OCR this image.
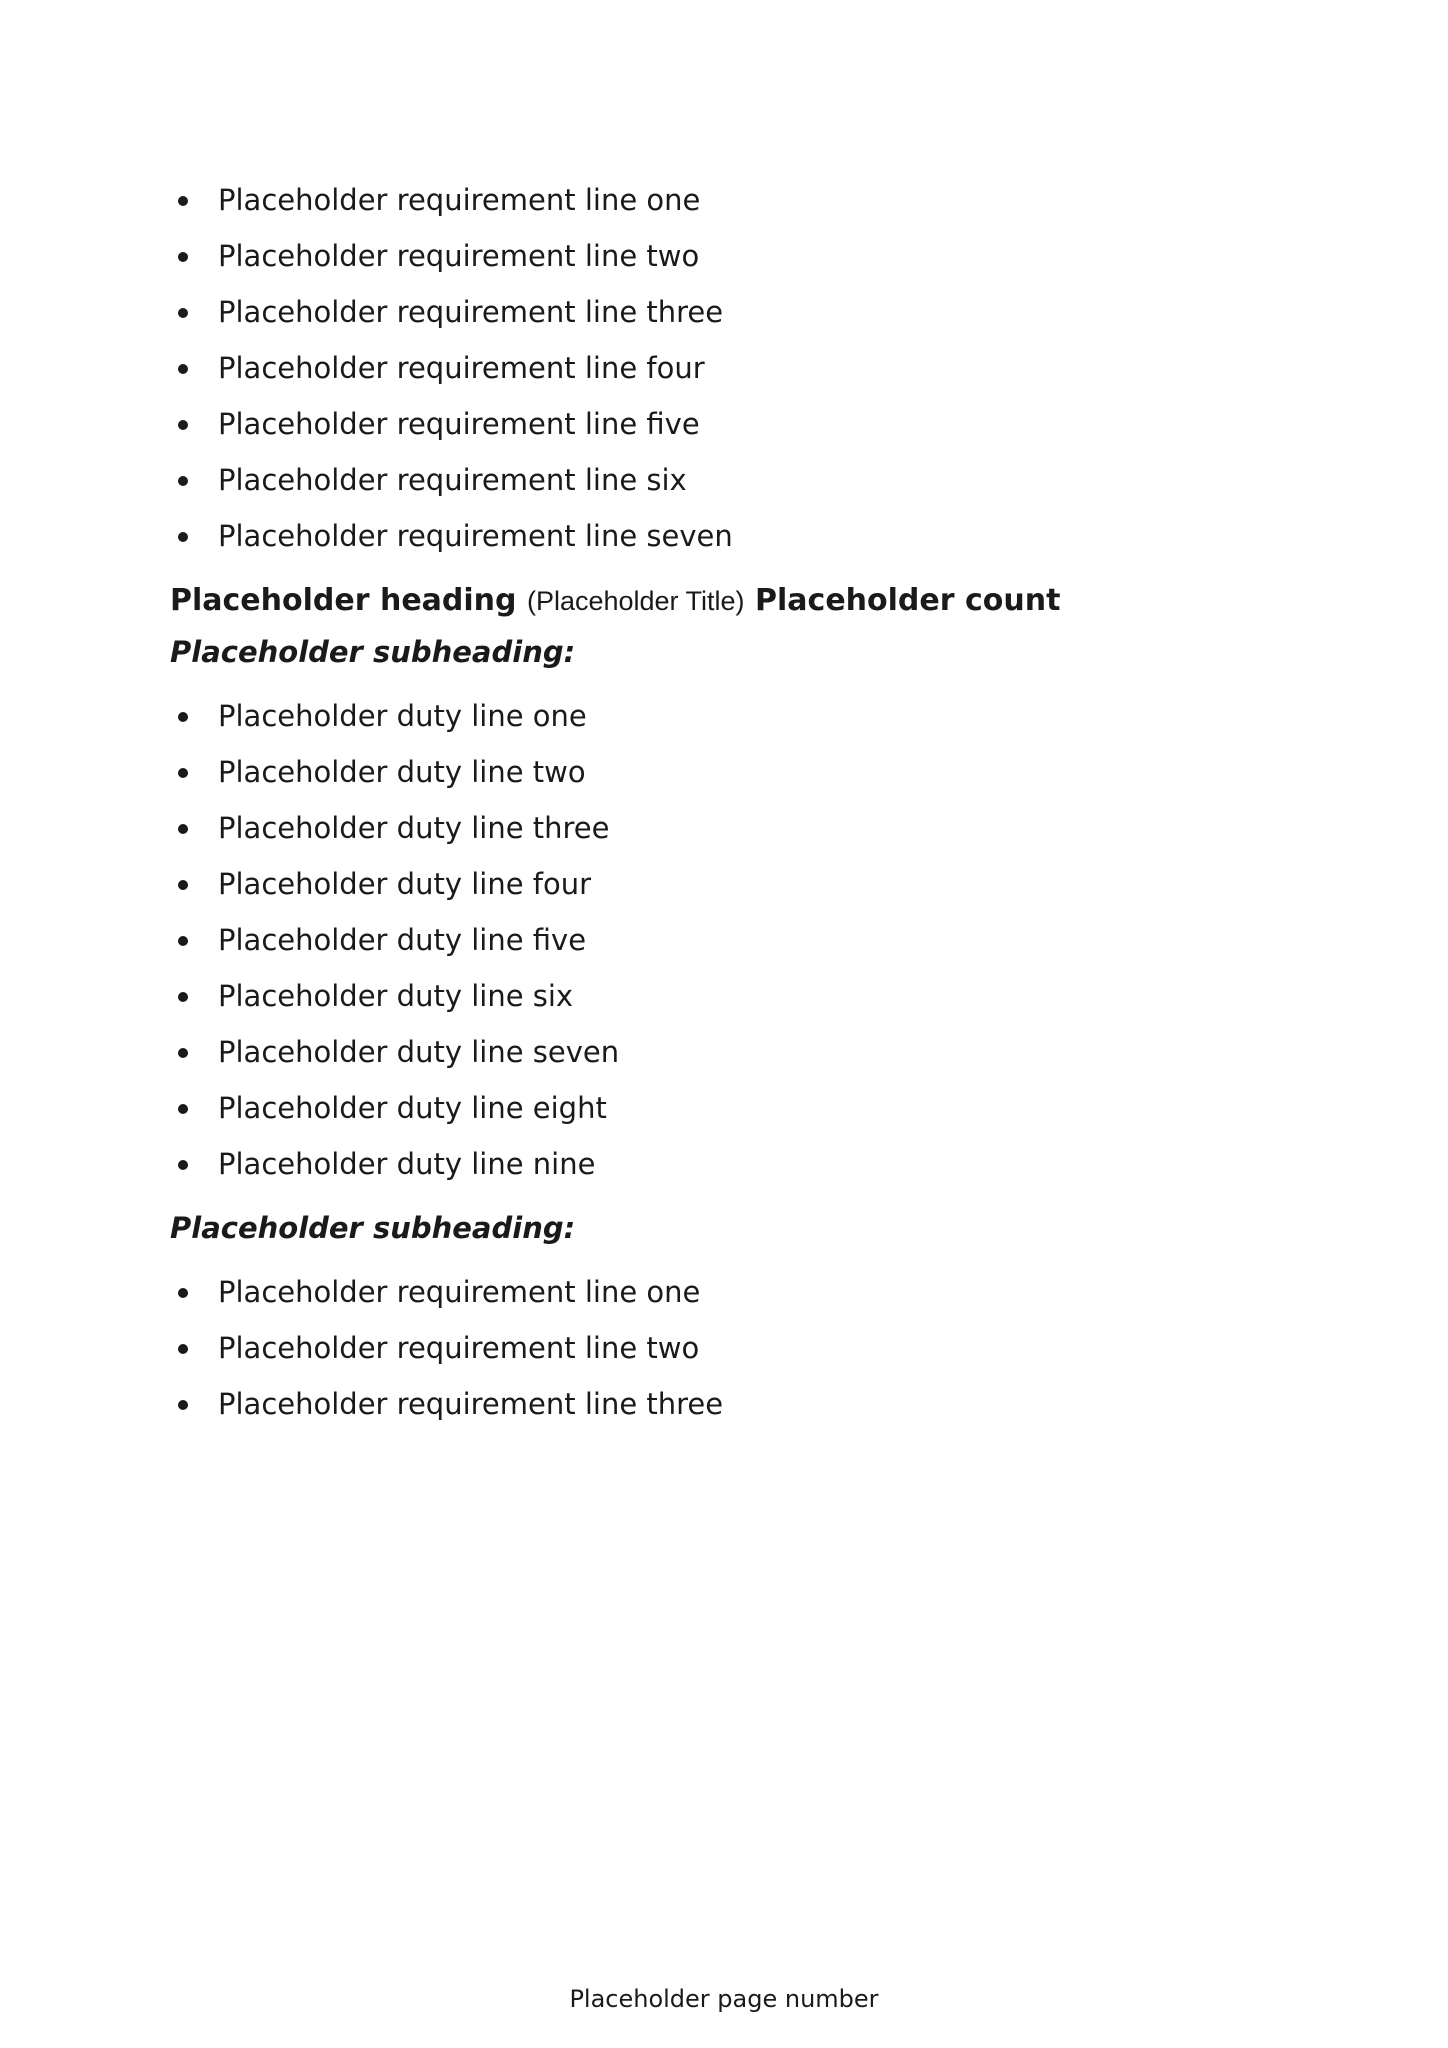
Placeholder requirement line one
Placeholder requirement line two
Placeholder requirement line three
Placeholder requirement line four
Placeholder requirement line five
Placeholder requirement line six
Placeholder requirement line seven
Placeholder heading (Placeholder Title) Placeholder count
Placeholder subheading:
Placeholder duty line one
Placeholder duty line two
Placeholder duty line three
Placeholder duty line four
Placeholder duty line five
Placeholder duty line six
Placeholder duty line seven
Placeholder duty line eight
Placeholder duty line nine
Placeholder subheading:
Placeholder requirement line one
Placeholder requirement line two
Placeholder requirement line three
Placeholder page number
